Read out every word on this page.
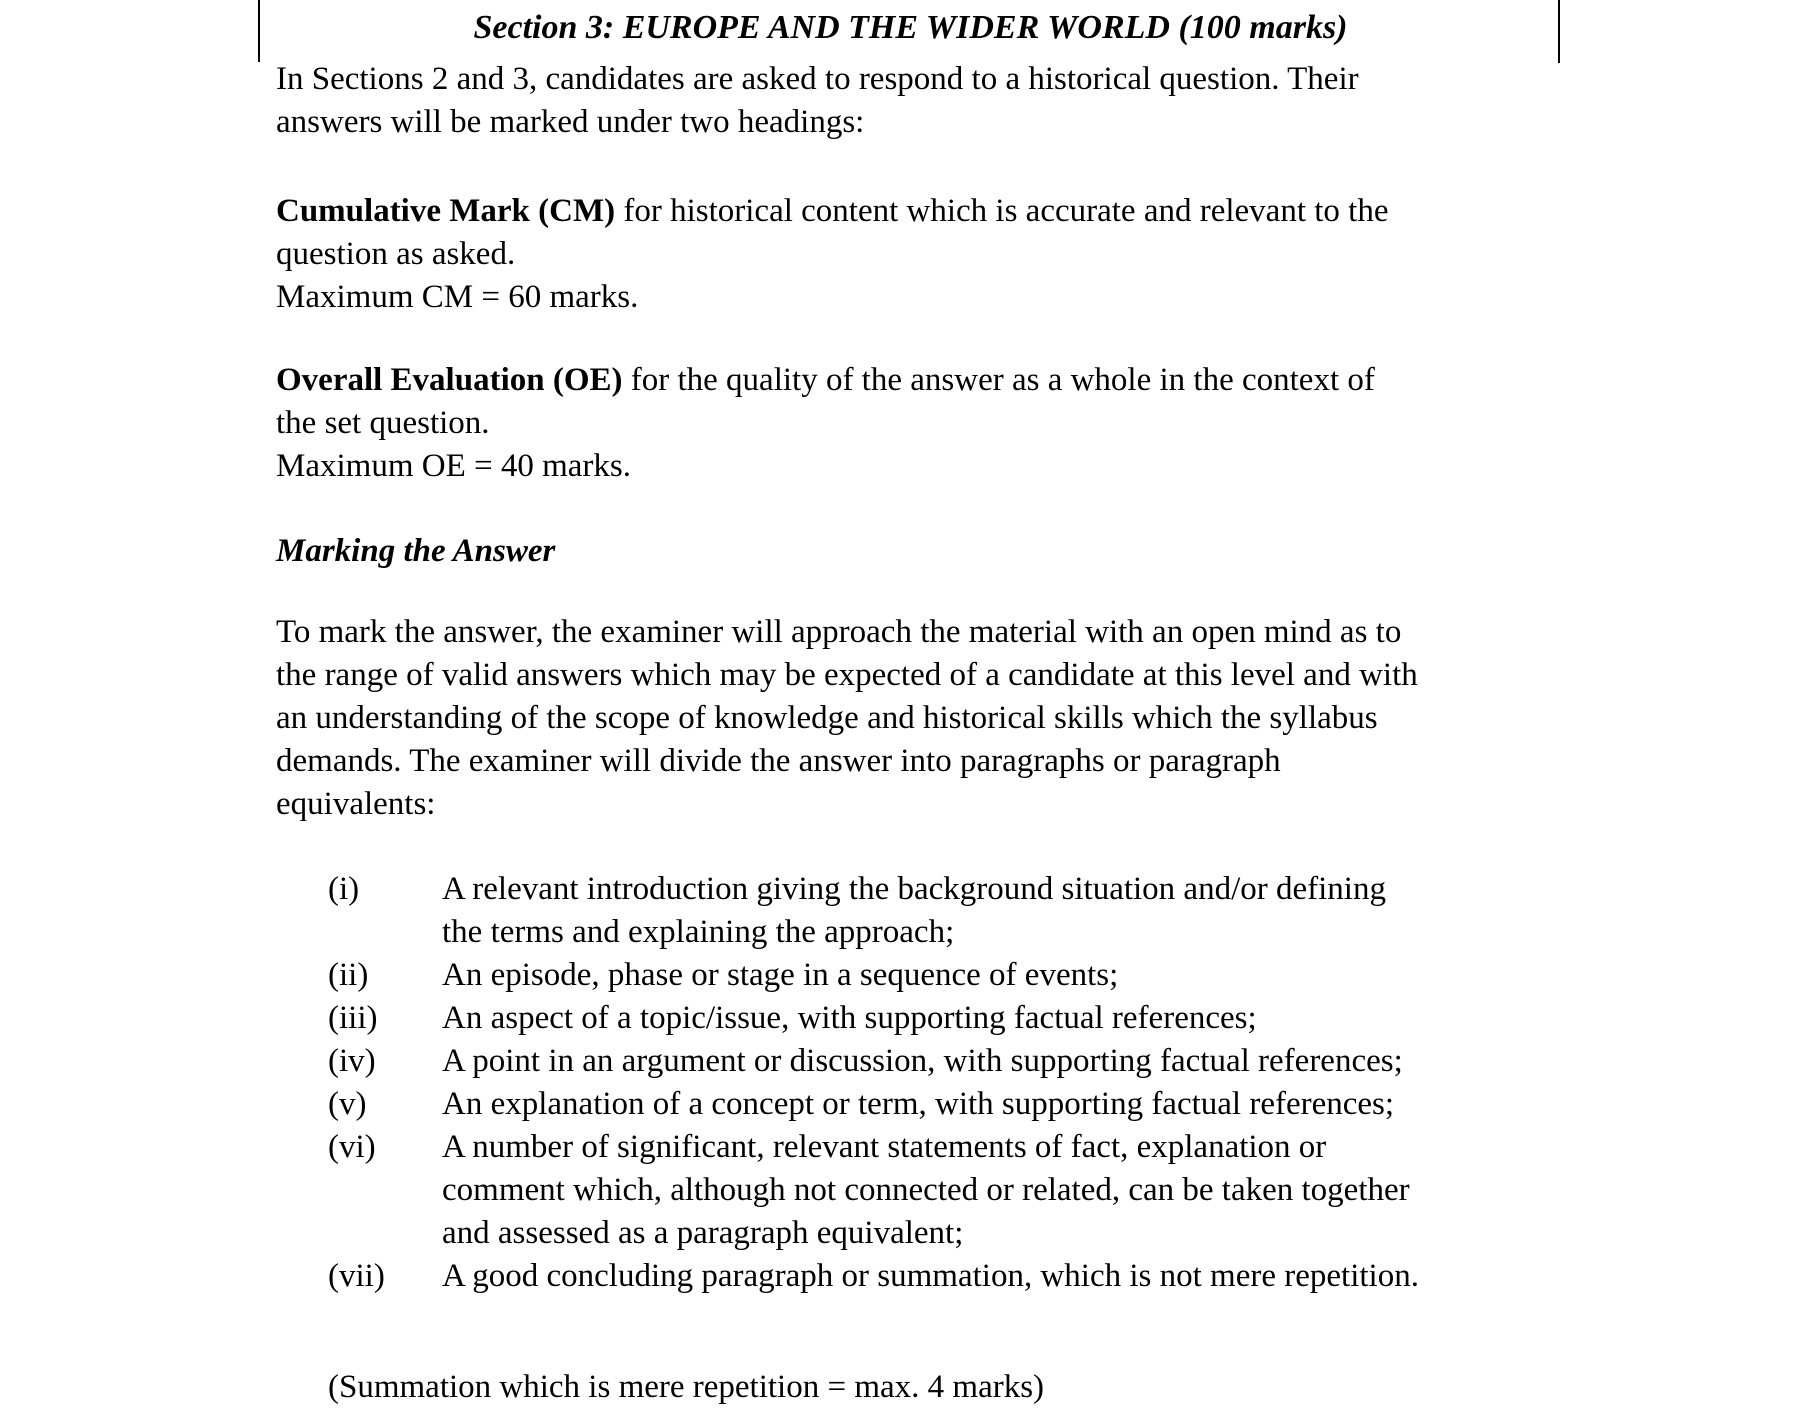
Section 3: EUROPE AND THE WIDER WORLD (100 marks)
In Sections 2 and 3, candidates are asked to respond to a historical question. Their
answers will be marked under two headings:
Cumulative Mark (CM) for historical content which is accurate and relevant to the
question as asked.
Maximum CM = 60 marks.
Overall Evaluation (OE) for the quality of the answer as a whole in the context of
the set question.
Maximum OE = 40 marks.
Marking the Answer
To mark the answer, the examiner will approach the material with an open mind as to
the range of valid answers which may be expected of a candidate at this level and with
an understanding of the scope of knowledge and historical skills which the syllabus
demands. The examiner will divide the answer into paragraphs or paragraph
equivalents:
(i)	A relevant introduction giving the background situation and/or defining
the terms and explaining the approach;
(ii)	An episode, phase or stage in a sequence of events;
(iii)	An aspect of a topic/issue, with supporting factual references;
(iv)	A point in an argument or discussion, with supporting factual references;
(v)	An explanation of a concept or term, with supporting factual references;
(vi)	A number of significant, relevant statements of fact, explanation or
comment which, although not connected or related, can be taken together
and assessed as a paragraph equivalent;
(vii)	A good concluding paragraph or summation, which is not mere repetition.
(Summation which is mere repetition = max. 4 marks)
